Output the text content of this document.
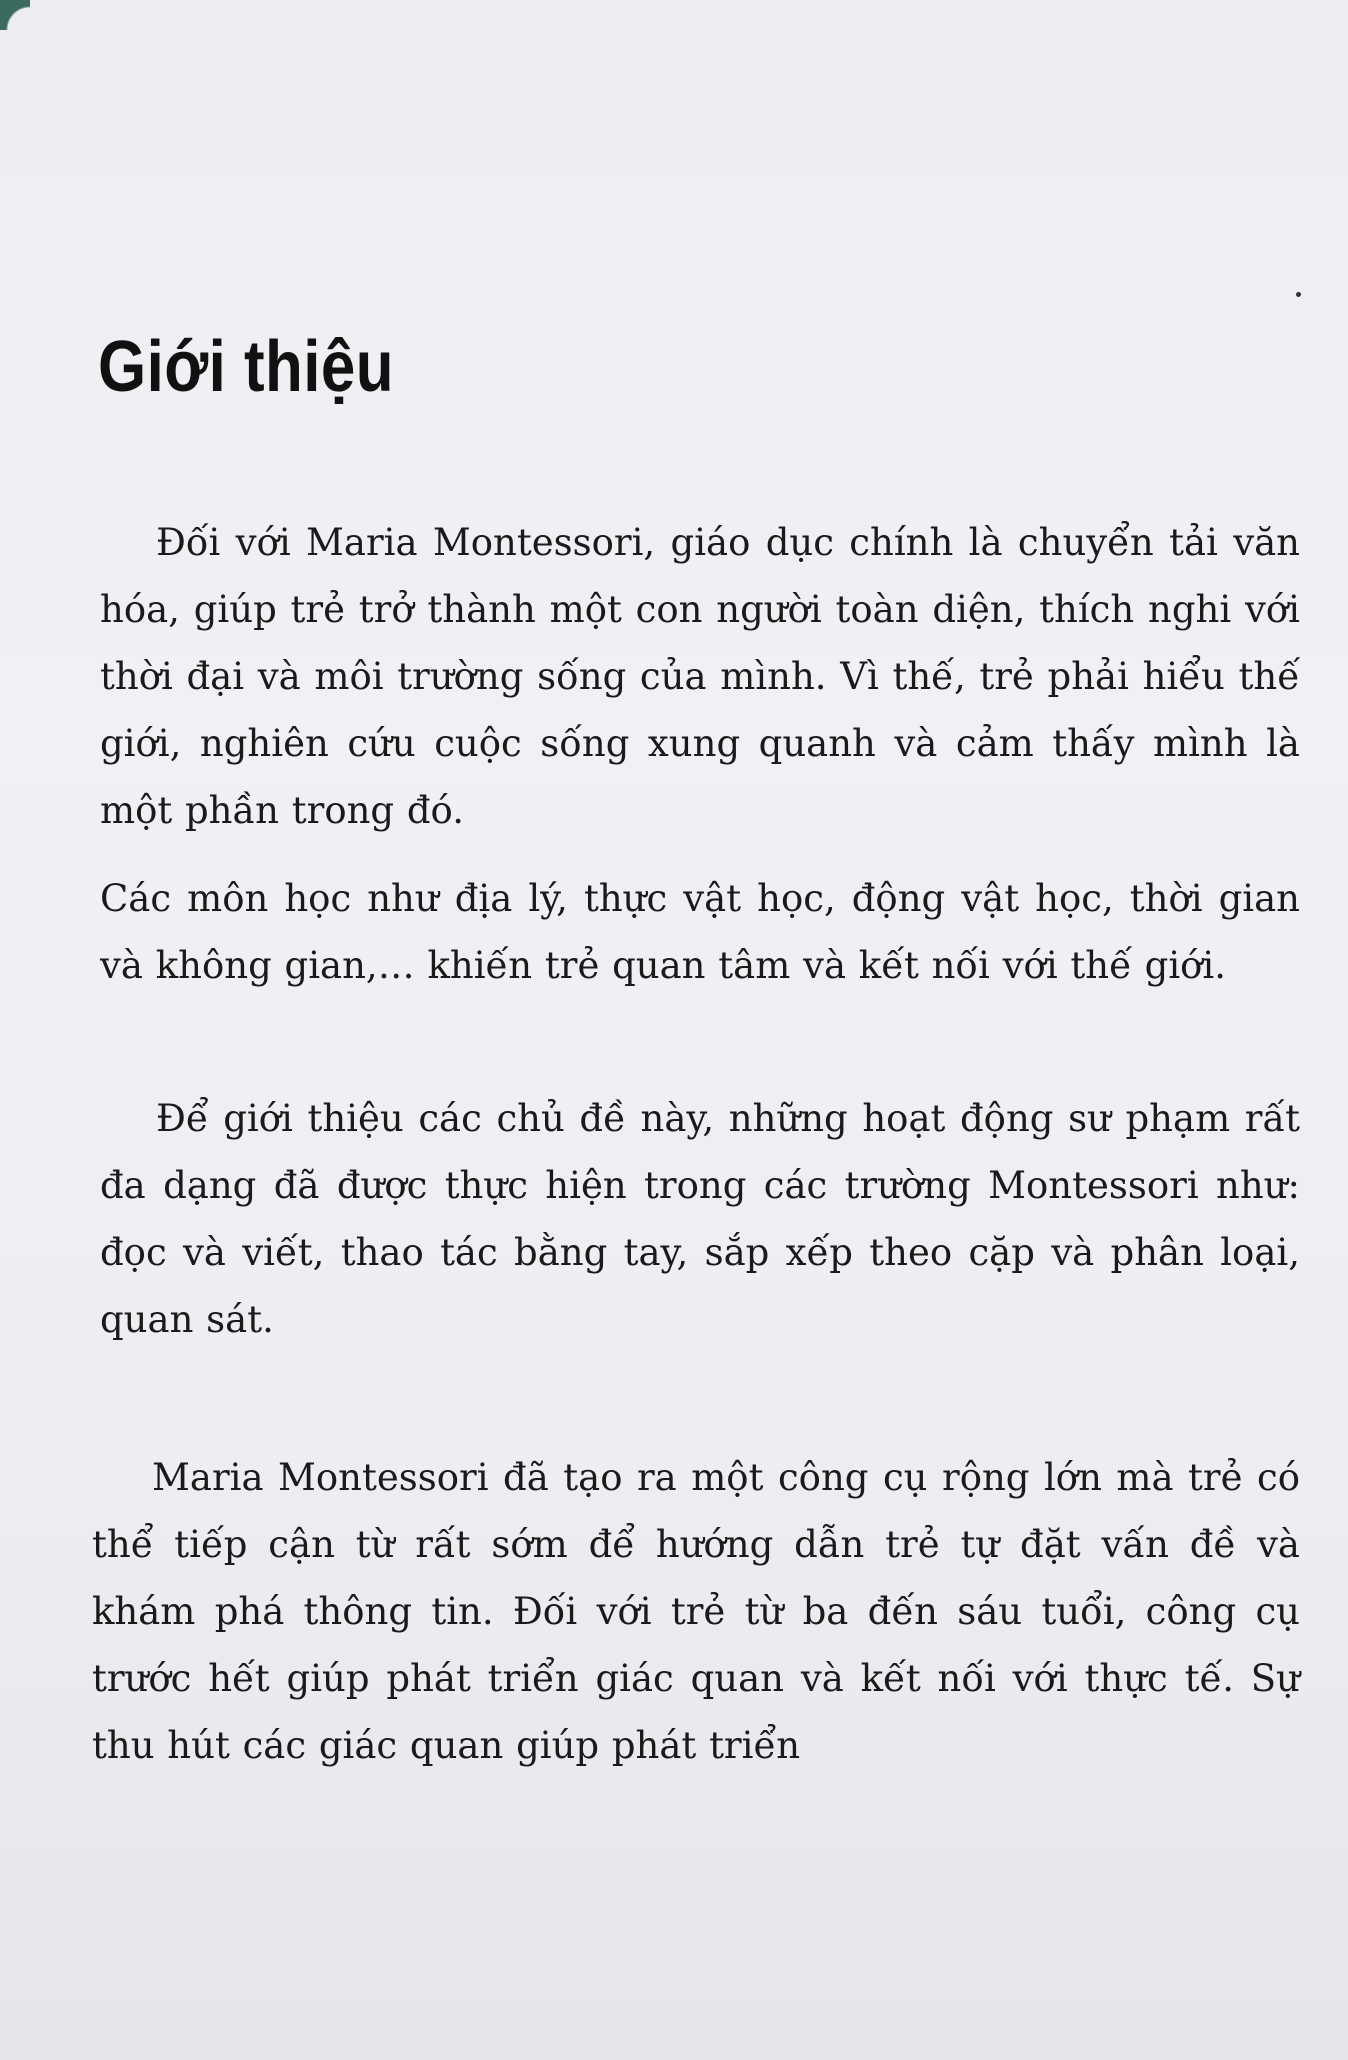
Giới thiệu

Đối với Maria Montessori, giáo dục chính là chuyển tải văn hóa, giúp trẻ trở thành một con người toàn diện, thích nghi với thời đại và môi trường sống của mình. Vì thế, trẻ phải hiểu thế giới, nghiên cứu cuộc sống xung quanh và cảm thấy mình là một phần trong đó.

Các môn học như địa lý, thực vật học, động vật học, thời gian và không gian,… khiến trẻ quan tâm và kết nối với thế giới.

Để giới thiệu các chủ đề này, những hoạt động sư phạm rất đa dạng đã được thực hiện trong các trường Montessori như: đọc và viết, thao tác bằng tay, sắp xếp theo cặp và phân loại, quan sát.

Maria Montessori đã tạo ra một công cụ rộng lớn mà trẻ có thể tiếp cận từ rất sớm để hướng dẫn trẻ tự đặt vấn đề và khám phá thông tin. Đối với trẻ từ ba đến sáu tuổi, công cụ trước hết giúp phát triển giác quan và kết nối với thực tế. Sự thu hút các giác quan giúp phát triển
